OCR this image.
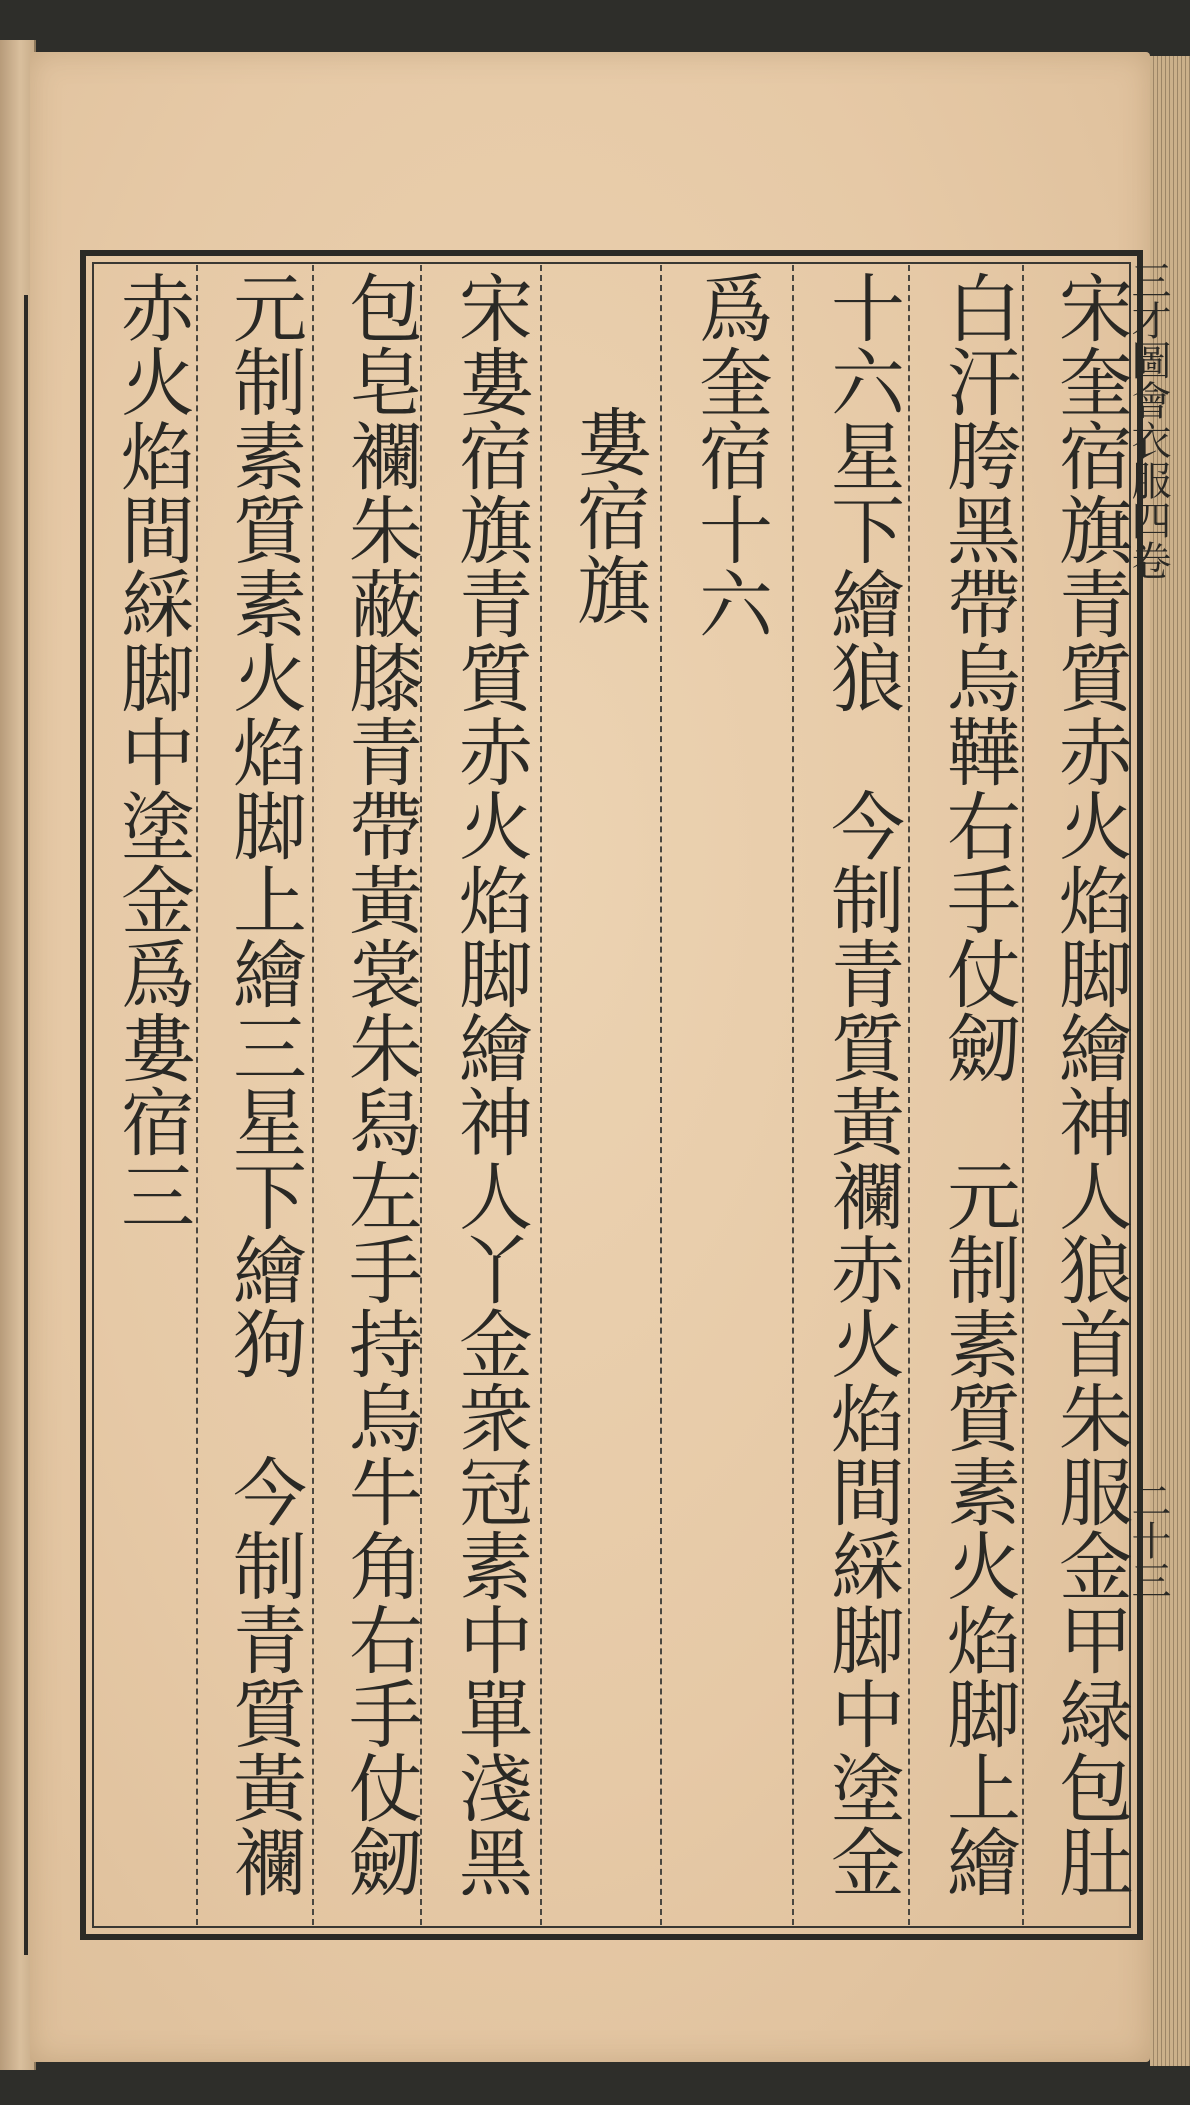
宋奎宿旗青質赤火焰脚繪神人狼首朱服金甲緑包肚
白汗胯黑帶烏鞾右手仗劒　元制素質素火焰脚上繪
十六星下繪狼　今制青質黃襴赤火焰間綵脚中塗金
爲奎宿十六
　婁宿旗
宋婁宿旗青質赤火焰脚繪神人丫金衆冠素中單淺黑
包皂襴朱蔽膝青帶黃裳朱舄左手持烏牛角右手仗劒
元制素質素火焰脚上繪三星下繪狗　今制青質黃襴
赤火焰間綵脚中塗金爲婁宿三	三才圖會衣服四卷
二十三
